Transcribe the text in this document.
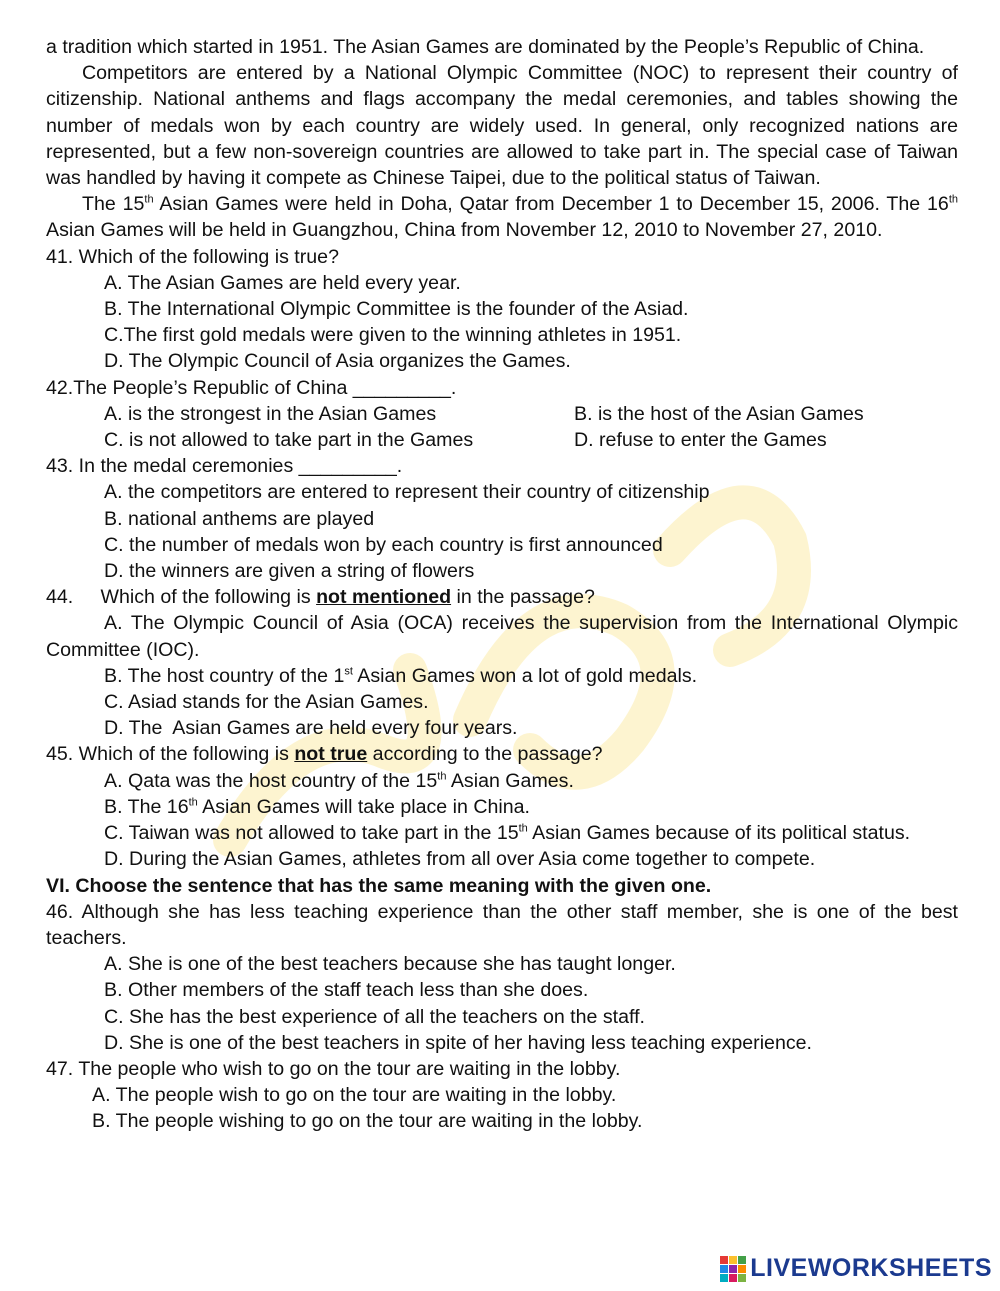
a tradition which started in 1951. The Asian Games are dominated by the People’s Republic of China.
Competitors are entered by a National Olympic Committee (NOC) to represent their country of citizenship. National anthems and flags accompany the medal ceremonies, and tables showing the number of medals won by each country are widely used. In general, only recognized nations are represented, but a few non-sovereign countries are allowed to take part in. The special case of Taiwan was handled by having it compete as Chinese Taipei, due to the political status of Taiwan.
The 15th Asian Games were held in Doha, Qatar from December 1 to December 15, 2006. The 16th Asian Games will be held in Guangzhou, China from November 12, 2010 to November 27, 2010.
41. Which of the following is true?
A. The Asian Games are held every year.
B. The International Olympic Committee is the founder of the Asiad.
C.The first gold medals were given to the winning athletes in 1951.
D. The Olympic Council of Asia organizes the Games.
42.The People’s Republic of China _________.
A. is the strongest in the Asian Games	B. is the host of the Asian Games
C. is not allowed to take part in the Games	D. refuse to enter the Games
43. In the medal ceremonies _________.
A. the competitors are entered to represent their country of citizenship
B. national anthems are played
C. the number of medals won by each country is first announced
D. the winners are given a string of flowers
44.     Which of the following is not mentioned in the passage?
A. The Olympic Council of Asia (OCA) receives the supervision from the International Olympic Committee (IOC).
B. The host country of the 1st Asian Games won a lot of gold medals.
C. Asiad stands for the Asian Games.
D. The  Asian Games are held every four years.
45. Which of the following is not true according to the passage?
A. Qata was the host country of the 15th Asian Games.
B. The 16th Asian Games will take place in China.
C. Taiwan was not allowed to take part in the 15th Asian Games because of its political status.
D. During the Asian Games, athletes from all over Asia come together to compete.
VI. Choose the sentence that has the same meaning with the given one.
46. Although she has less teaching experience than the other staff member, she is one of the best teachers.
A. She is one of the best teachers because she has taught longer.
B. Other members of the staff teach less than she does.
C. She has the best experience of all the teachers on the staff.
D. She is one of the best teachers in spite of her having less teaching experience.
47. The people who wish to go on the tour are waiting in the lobby.
A. The people wish to go on the tour are waiting in the lobby.
B. The people wishing to go on the tour are waiting in the lobby.
LIVEWORKSHEETS
